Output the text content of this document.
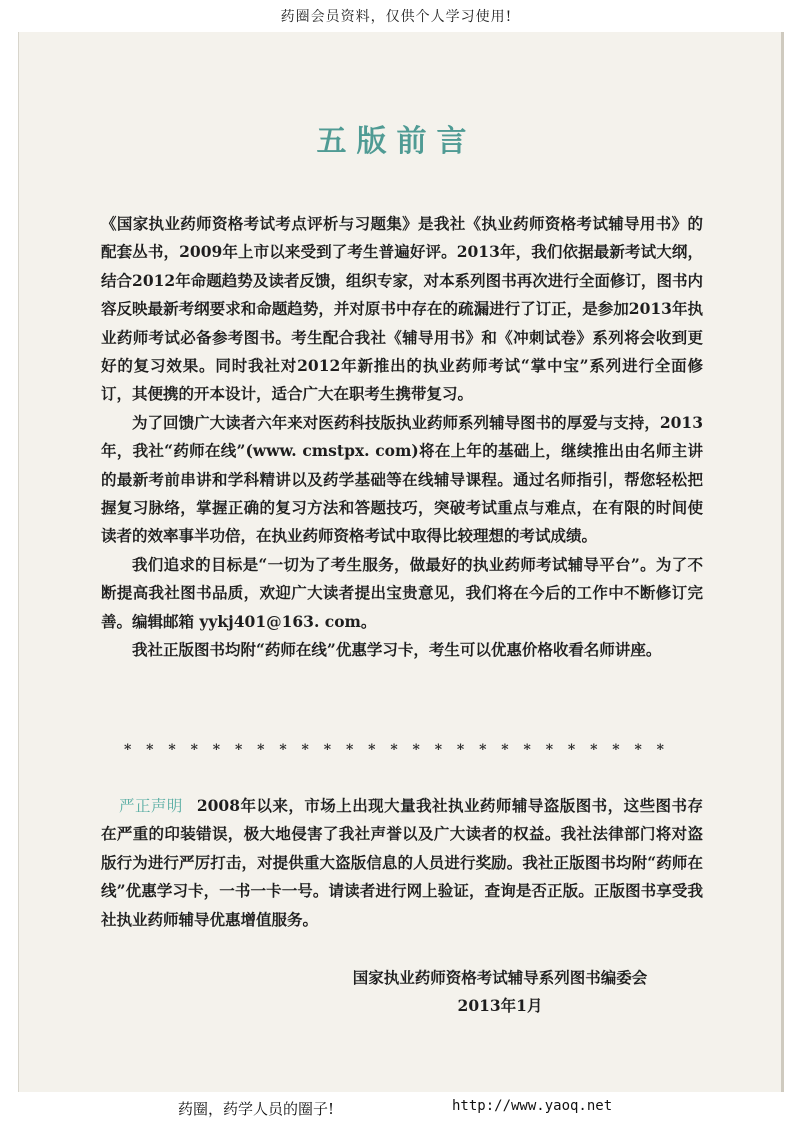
药圈会员资料，仅供个人学习使用!
五版前言

《国家执业药师资格考试考点评析与习题集》是我社《执业药师资格考试辅导用书》的配套丛书，2009年上市以来受到了考生普遍好评。2013年，我们依据最新考试大纲，结合2012年命题趋势及读者反馈，组织专家，对本系列图书再次进行全面修订，图书内容反映最新考纲要求和命题趋势，并对原书中存在的疏漏进行了订正，是参加2013年执业药师考试必备参考图书。考生配合我社《辅导用书》和《冲刺试卷》系列将会收到更好的复习效果。同时我社对2012年新推出的执业药师考试“掌中宝”系列进行全面修订，其便携的开本设计，适合广大在职考生携带复习。

为了回馈广大读者六年来对医药科技版执业药师系列辅导图书的厚爱与支持，2013年，我社“药师在线”(www. cmstpx. com)将在上年的基础上，继续推出由名师主讲的最新考前串讲和学科精讲以及药学基础等在线辅导课程。通过名师指引，帮您轻松把握复习脉络，掌握正确的复习方法和答题技巧，突破考试重点与难点，在有限的时间使读者的效率事半功倍，在执业药师资格考试中取得比较理想的考试成绩。

我们追求的目标是“一切为了考生服务，做最好的执业药师考试辅导平台”。为了不断提高我社图书品质，欢迎广大读者提出宝贵意见，我们将在今后的工作中不断修订完善。编辑邮箱 yykj401@163. com。

我社正版图书均附“药师在线”优惠学习卡，考生可以优惠价格收看名师讲座。

* * * * * * * * * * * * * * * * * * * * * * * * *
严正声明 2008年以来，市场上出现大量我社执业药师辅导盗版图书，这些图书存在严重的印装错误，极大地侵害了我社声誉以及广大读者的权益。我社法律部门将对盗版行为进行严厉打击，对提供重大盗版信息的人员进行奖励。我社正版图书均附“药师在线”优惠学习卡，一书一卡一号。请读者进行网上验证，查询是否正版。正版图书享受我社执业药师辅导优惠增值服务。
国家执业药师资格考试辅导系列图书编委会
2013年1月
药圈，药学人员的圈子!	http://www.yaoq.net
